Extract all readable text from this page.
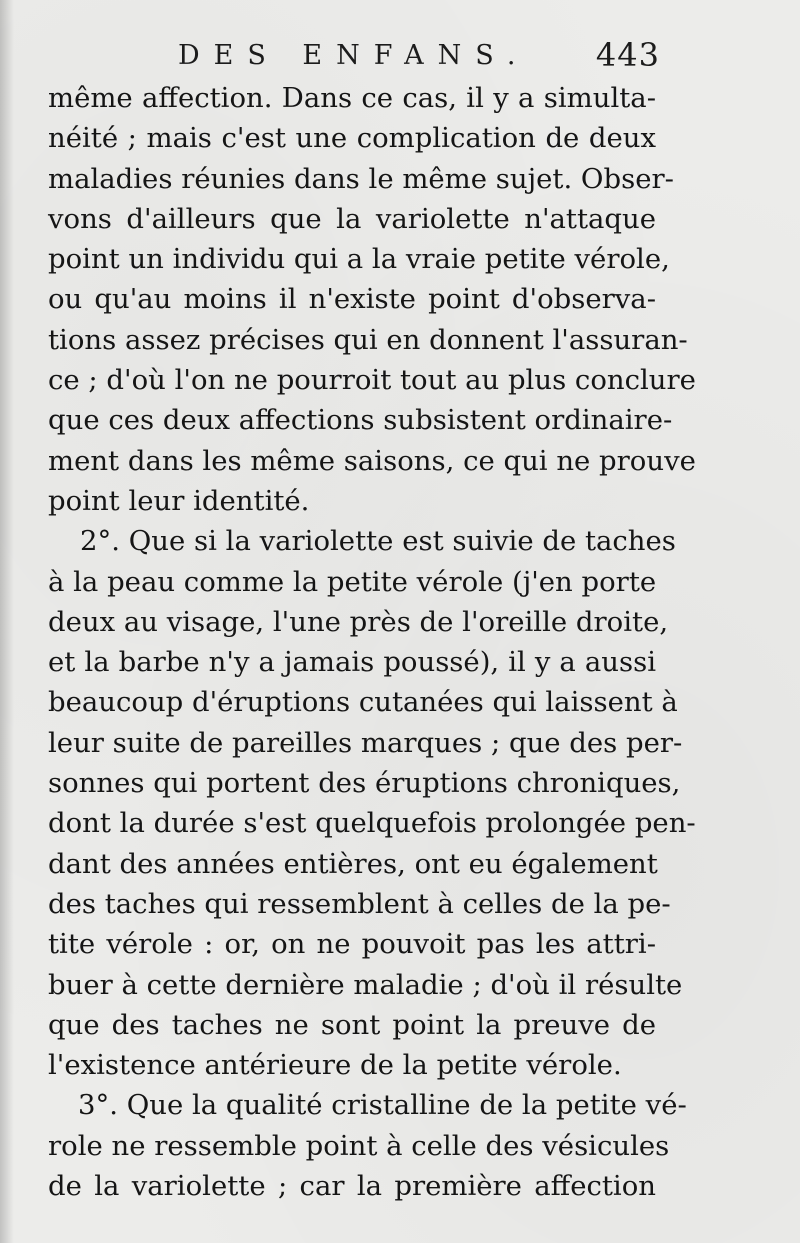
DES ENFANS. 443
même affection. Dans ce cas, il y a simulta-
néité ; mais c'est une complication de deux
maladies réunies dans le même sujet. Obser-
vons d'ailleurs que la variolette n'attaque
point un individu qui a la vraie petite vérole,
ou qu'au moins il n'existe point d'observa-
tions assez précises qui en donnent l'assuran-
ce ; d'où l'on ne pourroit tout au plus conclure
que ces deux affections subsistent ordinaire-
ment dans les même saisons, ce qui ne prouve
point leur identité.
2°. Que si la variolette est suivie de taches
à la peau comme la petite vérole (j'en porte
deux au visage, l'une près de l'oreille droite,
et la barbe n'y a jamais poussé), il y a aussi
beaucoup d'éruptions cutanées qui laissent à
leur suite de pareilles marques ; que des per-
sonnes qui portent des éruptions chroniques,
dont la durée s'est quelquefois prolongée pen-
dant des années entières, ont eu également
des taches qui ressemblent à celles de la pe-
tite vérole : or, on ne pouvoit pas les attri-
buer à cette dernière maladie ; d'où il résulte
que des taches ne sont point la preuve de
l'existence antérieure de la petite vérole.
3°. Que la qualité cristalline de la petite vé-
role ne ressemble point à celle des vésicules
de la variolette ; car la première affection
